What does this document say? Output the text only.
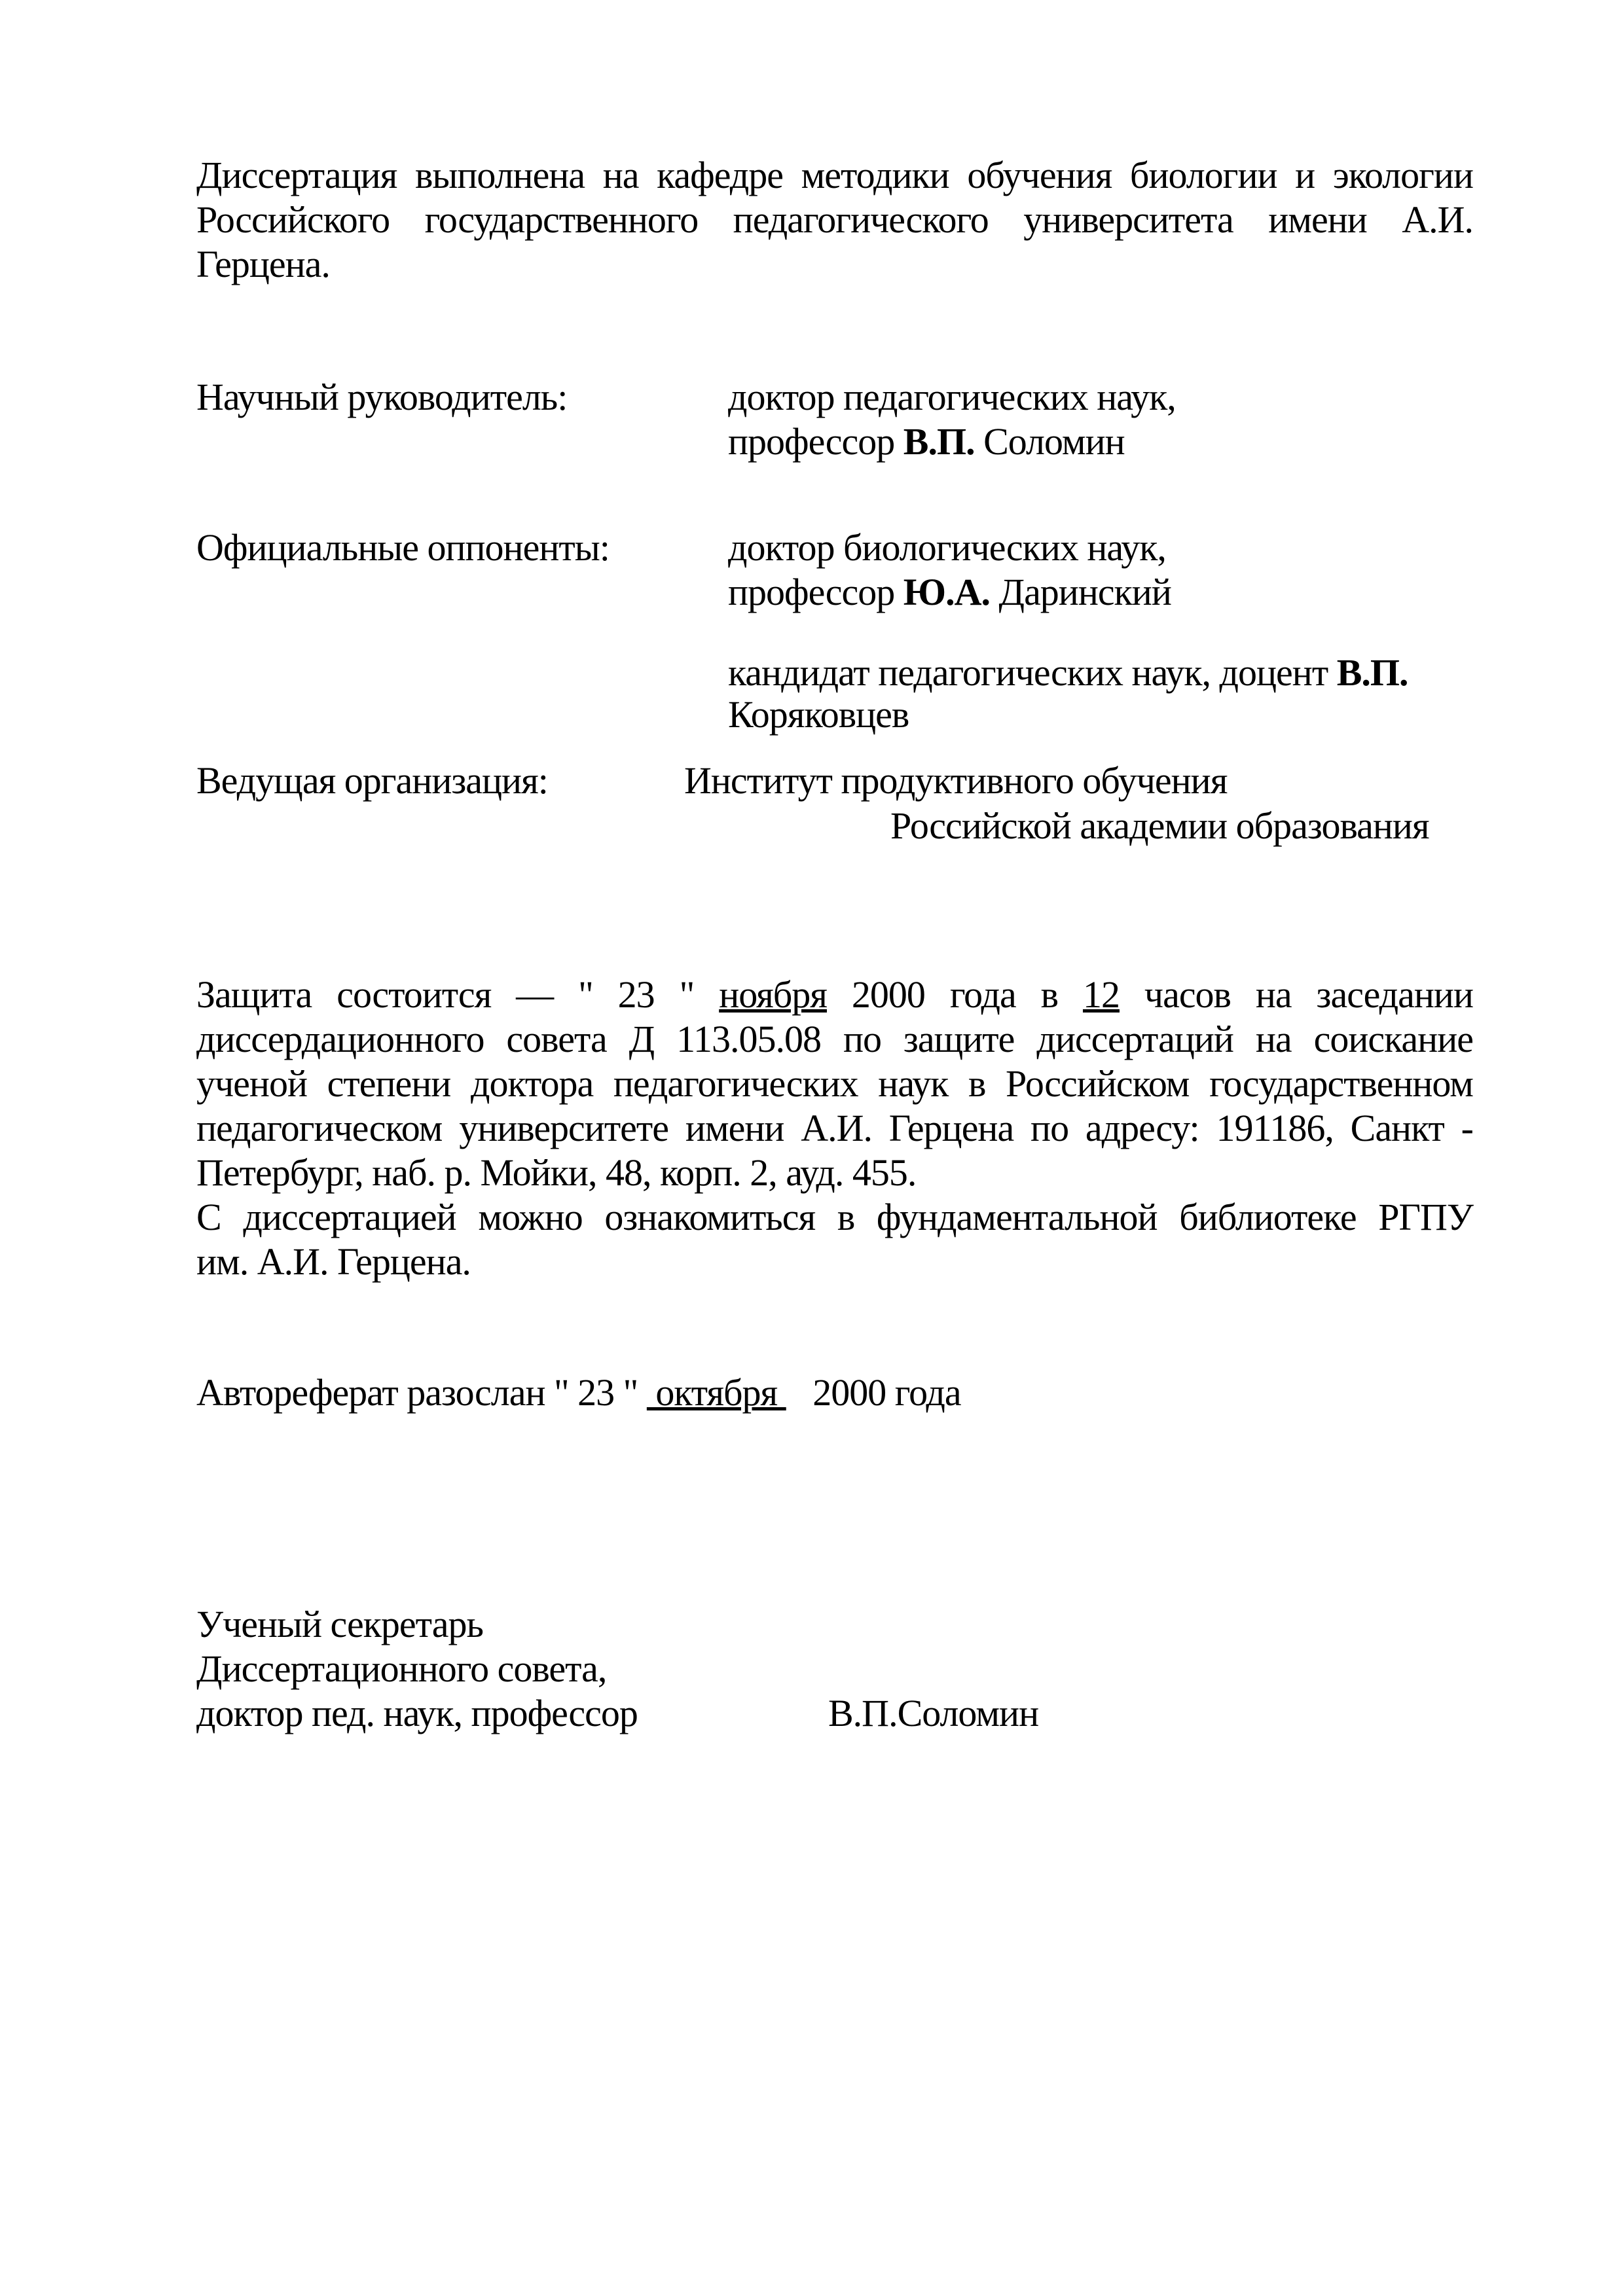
Диссертация выполнена на кафедре методики обучения биологии и экологии
Российского государственного педагогического университета имени А.И.
Герцена.
Научный руководитель:	доктор педагогических наук,
профессор В.П. Соломин
Официальные оппоненты:	доктор биологических наук,
профессор Ю.А. Даринский
кандидат педагогических наук, доцент В.П.
Коряковцев
Ведущая организация:	Институт продуктивного обучения
Российской академии образования
Защита состоится — " 23 " ноября 2000 года в 12 часов на заседании
диссердационного совета Д 113.05.08 по защите диссертаций на соискание
ученой степени доктора педагогических наук в Российском государственном
педагогическом университете имени А.И. Герцена по адресу: 191186, Санкт -
Петербург, наб. р. Мойки, 48, корп. 2, ауд. 455.
С диссертацией можно ознакомиться в фундаментальной библиотеке РГПУ
им. А.И. Герцена.
Автореферат разослан " 23 "  октября    2000 года
Ученый секретарь
Диссертационного совета,
доктор пед. наук, профессор	В.П.Соломин
